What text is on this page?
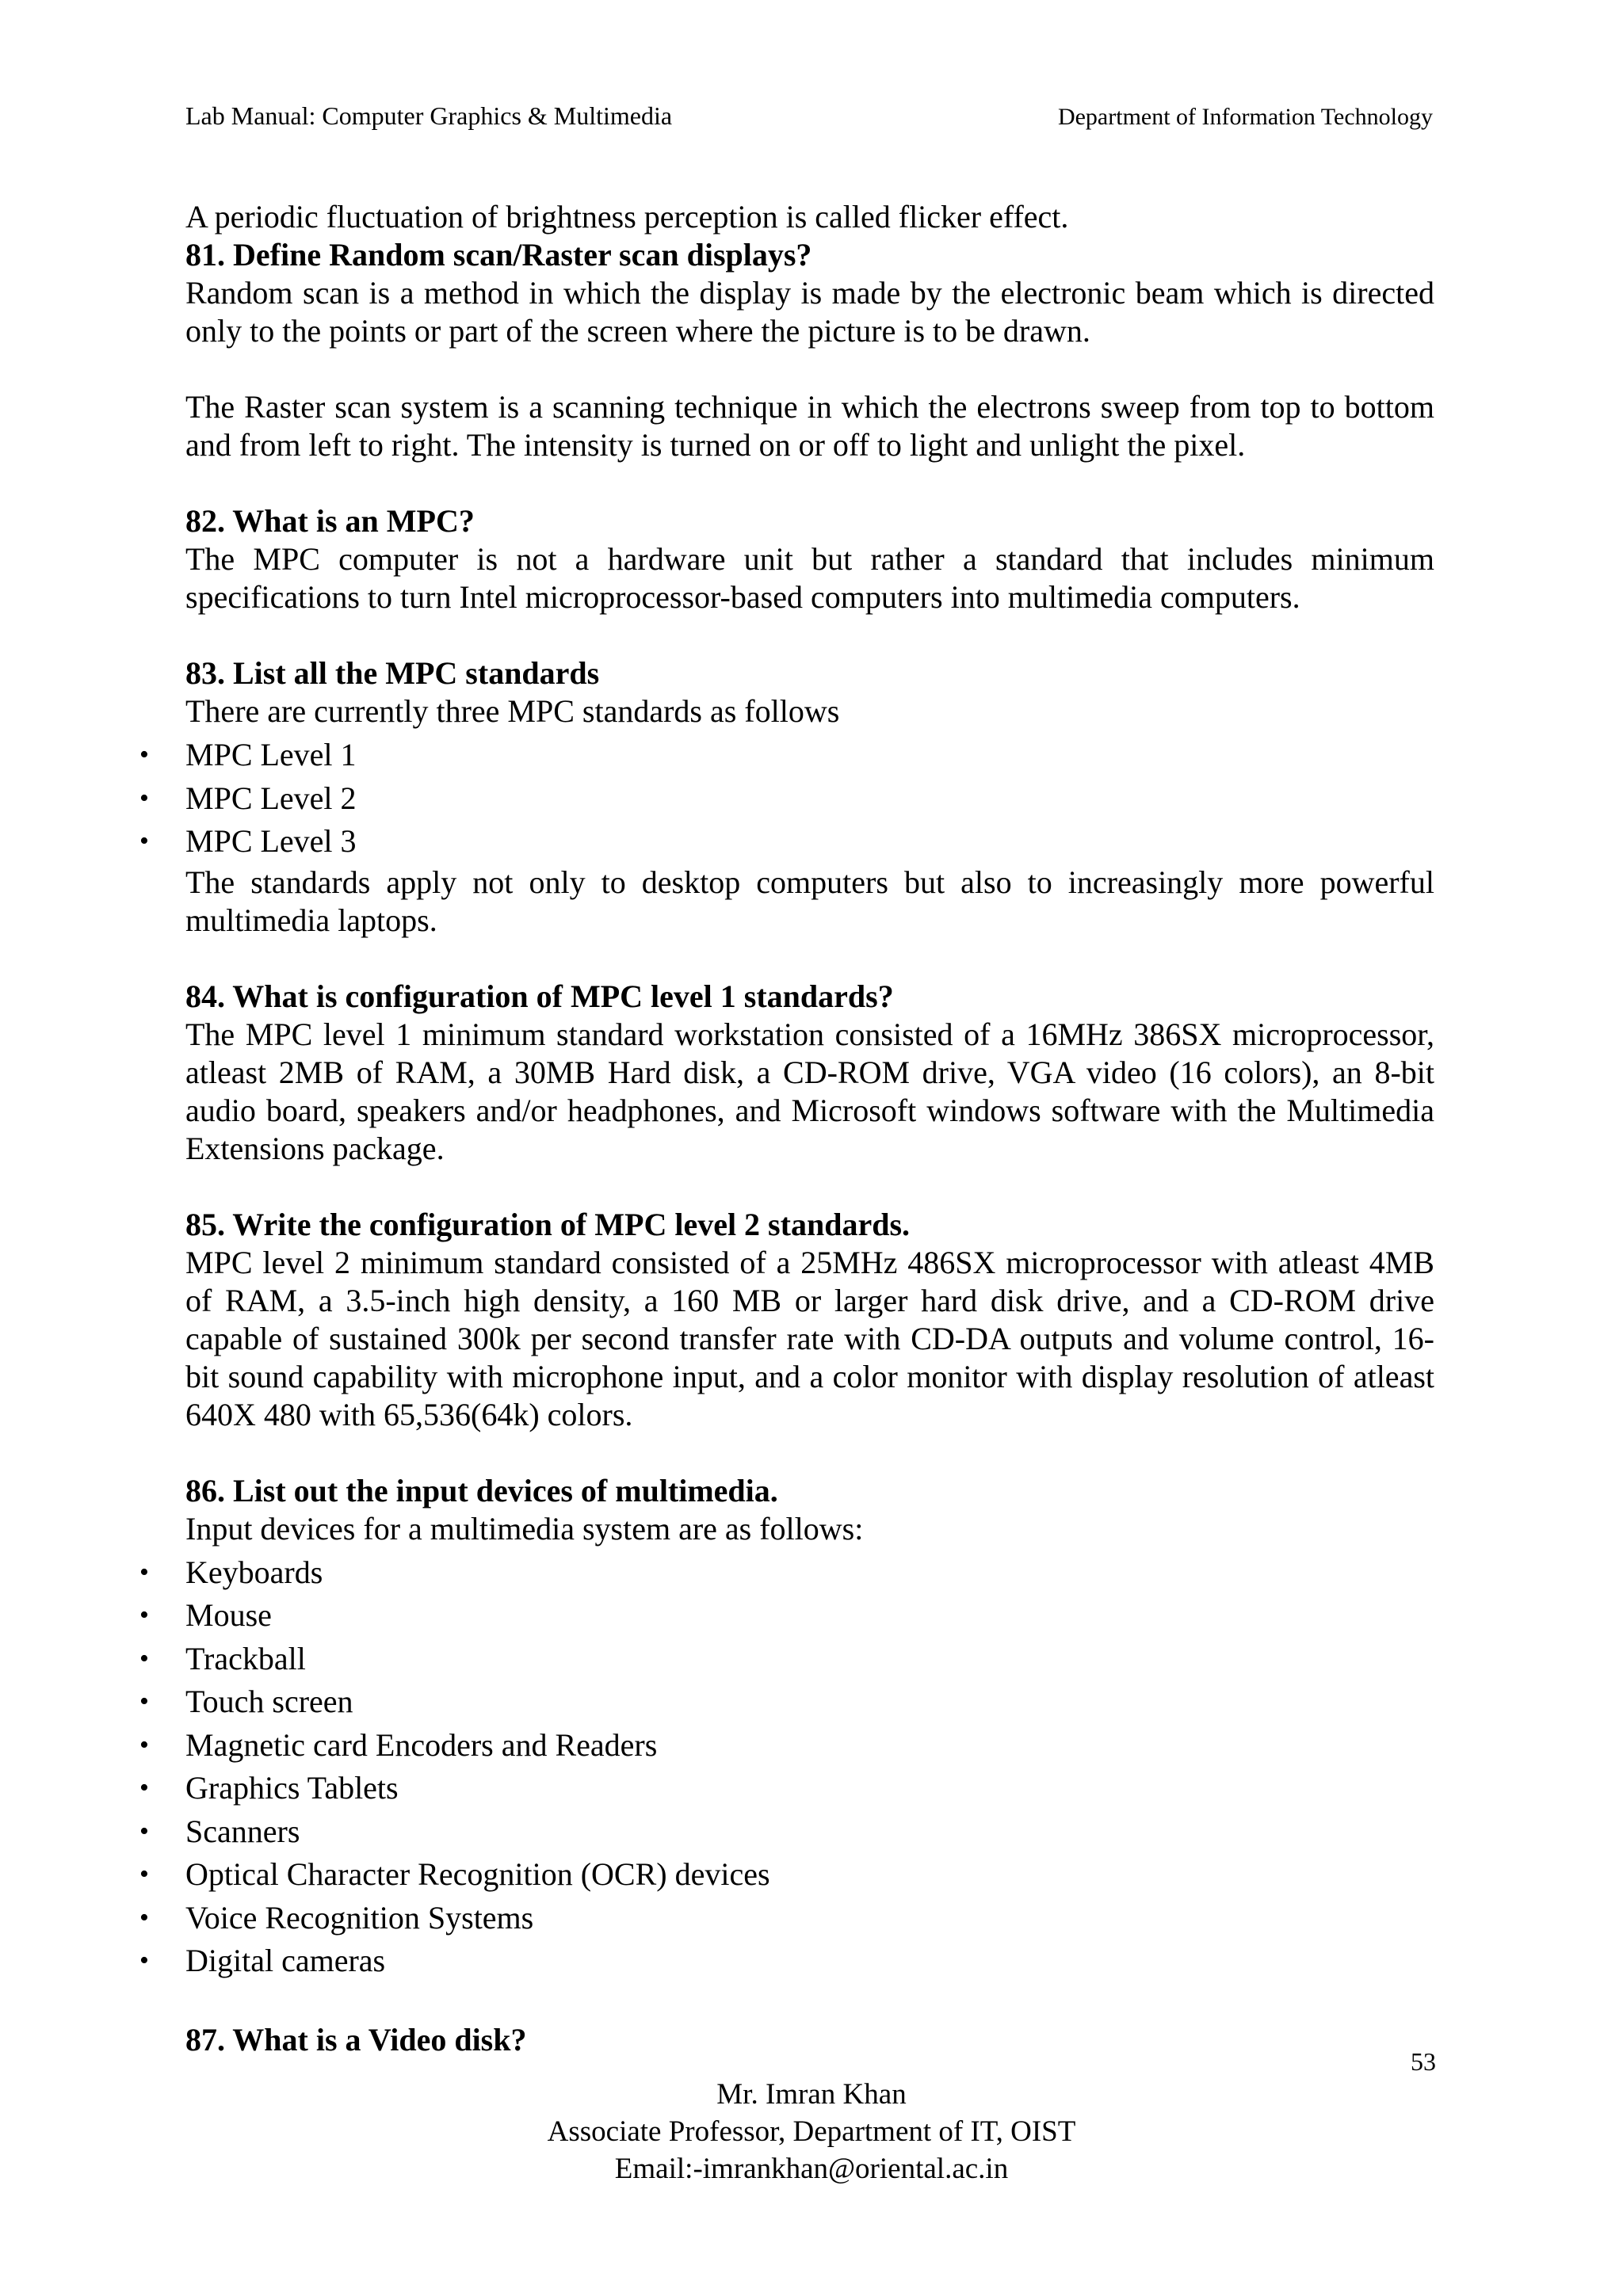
Lab Manual: Computer Graphics & Multimedia	Department of Information Technology

A periodic fluctuation of brightness perception is called flicker effect.

81. Define Random scan/Raster scan displays?

Random scan is a method in which the display is made by the electronic beam which is directed only to the points or part of the screen where the picture is to be drawn.

The Raster scan system is a scanning technique in which the electrons sweep from top to bottom and from left to right. The intensity is turned on or off to light and unlight the pixel.

82. What is an MPC?

The MPC computer is not a hardware unit but rather a standard that includes minimum specifications to turn Intel microprocessor-based computers into multimedia computers.

83. List all the MPC standards

There are currently three MPC standards as follows

• MPC Level 1
• MPC Level 2
• MPC Level 3

The standards apply not only to desktop computers but also to increasingly more powerful multimedia laptops.

84. What is configuration of MPC level 1 standards?

The MPC level 1 minimum standard workstation consisted of a 16MHz 386SX microprocessor, atleast 2MB of RAM, a 30MB Hard disk, a CD-ROM drive, VGA video (16 colors), an 8-bit audio board, speakers and/or headphones, and Microsoft windows software with the Multimedia Extensions package.

85. Write the configuration of MPC level 2 standards.

MPC level 2 minimum standard consisted of a 25MHz 486SX microprocessor with atleast 4MB of RAM, a 3.5-inch high density, a 160 MB or larger hard disk drive, and a CD-ROM drive capable of sustained 300k per second transfer rate with CD-DA outputs and volume control, 16-bit sound capability with microphone input, and a color monitor with display resolution of atleast 640X 480 with 65,536(64k) colors.

86. List out the input devices of multimedia.

Input devices for a multimedia system are as follows:

• Keyboards
• Mouse
• Trackball
• Touch screen
• Magnetic card Encoders and Readers
• Graphics Tablets
• Scanners
• Optical Character Recognition (OCR) devices
• Voice Recognition Systems
• Digital cameras

87. What is a Video disk?

53
Mr. Imran Khan
Associate Professor, Department of IT, OIST
Email:-imrankhan@oriental.ac.in
